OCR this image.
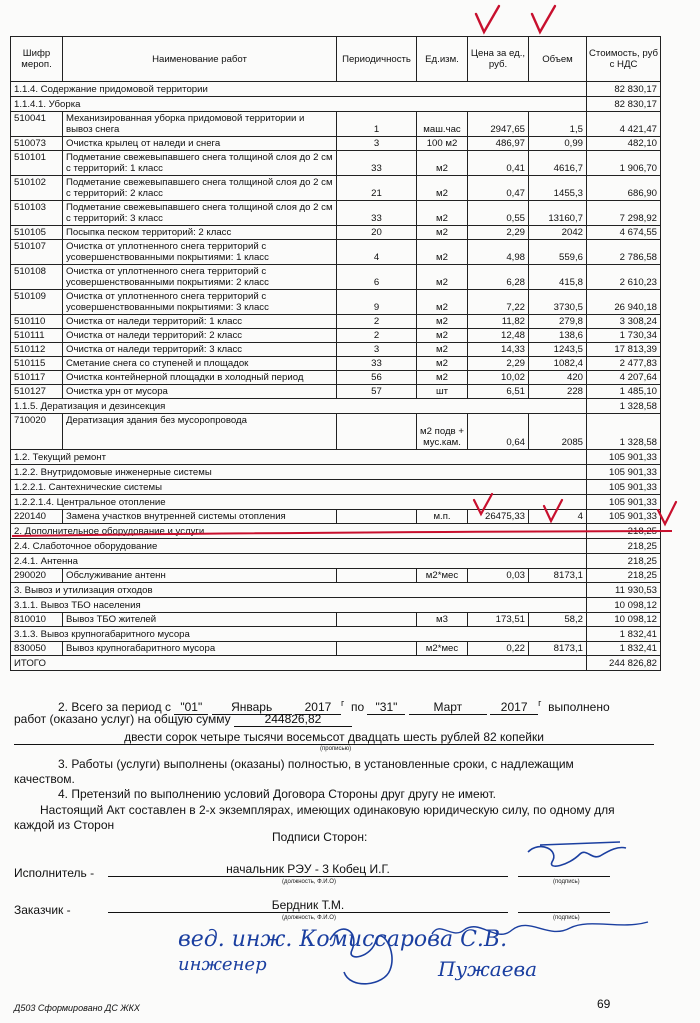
Шифр мероп.	Наименование работ	Периодичность	Ед.изм.	Цена за ед., руб.	Объем	Стоимость, руб с НДС
1.1.4. Содержание придомовой территории						82 830,17
1.1.4.1. Уборка						82 830,17
510041	Механизированная уборка придомовой территории и вывоз снега	1	маш.час	2947,65	1,5	4 421,47
510073	Очистка крылец от наледи и снега	3	100 м2	486,97	0,99	482,10
510101	Подметание свежевыпавшего снега толщиной слоя до 2 см с территорий: 1 класс	33	м2	0,41	4616,7	1 906,70
510102	Подметание свежевыпавшего снега толщиной слоя до 2 см с территорий: 2 класс	21	м2	0,47	1455,3	686,90
510103	Подметание свежевыпавшего снега толщиной слоя до 2 см с территорий: 3 класс	33	м2	0,55	13160,7	7 298,92
510105	Посыпка песком территорий: 2 класс	20	м2	2,29	2042	4 674,55
510107	Очистка от уплотненного снега территорий с усовершенствованными покрытиями: 1 класс	4	м2	4,98	559,6	2 786,58
510108	Очистка от уплотненного снега территорий с усовершенствованными покрытиями: 2 класс	6	м2	6,28	415,8	2 610,23
510109	Очистка от уплотненного снега территорий с усовершенствованными покрытиями: 3 класс	9	м2	7,22	3730,5	26 940,18
510110	Очистка от наледи территорий: 1 класс	2	м2	11,82	279,8	3 308,24
510111	Очистка от наледи территорий: 2 класс	2	м2	12,48	138,6	1 730,34
510112	Очистка от наледи территорий: 3 класс	3	м2	14,33	1243,5	17 813,39
510115	Сметание снега со ступеней и площадок	33	м2	2,29	1082,4	2 477,83
510117	Очистка контейнерной площадки в холодный период	56	м2	10,02	420	4 207,64
510127	Очистка урн от мусора	57	шт	6,51	228	1 485,10
1.1.5. Дератизация и дезинсекция						1 328,58
710020	Дератизация здания без мусоропровода		м2 подв + мус.кам.	0,64	2085	1 328,58
1.2. Текущий ремонт						105 901,33
1.2.2. Внутридомовые инженерные системы						105 901,33
1.2.2.1. Сантехнические системы						105 901,33
1.2.2.1.4. Центральное отопление						105 901,33
220140	Замена участков внутренней системы отопления		м.п.	26475,33	4	105 901,33
2. Дополнительное оборудование и услуги						218,25
2.4. Слаботочное оборудование						218,25
2.4.1. Антенна						218,25
290020	Обслуживание антенн		м2*мес	0,03	8173,1	218,25
3. Вывоз и утилизация отходов						11 930,53
3.1.1. Вывоз ТБО населения						10 098,12
810010	Вывоз ТБО жителей		м3	173,51	58,2	10 098,12
3.1.3. Вывоз крупногабаритного мусора						1 832,41
830050	Вывоз крупногабаритного мусора		м2*мес	0,22	8173,1	1 832,41
ИТОГО						244 826,82
2. Всего за период с "01" Январь	2017 $^г$ по "31"	Март	2017 $^г$ выполнено
работ (оказано услуг) на общую сумму	244826,82
двести сорок четыре тысячи восемьсот двадцать шесть рублей 82 копейки
(прописью)
3. Работы (услуги) выполнены (оказаны) полностью, в установленные сроки, с надлежащим
качеством.
4. Претензий по выполнению условий Договора Стороны друг другу не имеют.
Настоящий Акт составлен в 2-х экземплярах, имеющих одинаковую юридическую силу, по одному для
каждой из Сторон
Подписи Сторон:
Исполнитель -	начальник РЭУ - 3 Кобец И.Г.
(должность, Ф.И.О)	(подпись)
Заказчик -	Бердник Т.М.
(должность, Ф.И.О)	(подпись)
Д503 Сформировано ДС ЖКХ	69
вед. инж. Комиссарова С.В.
инженер	Пужаева
